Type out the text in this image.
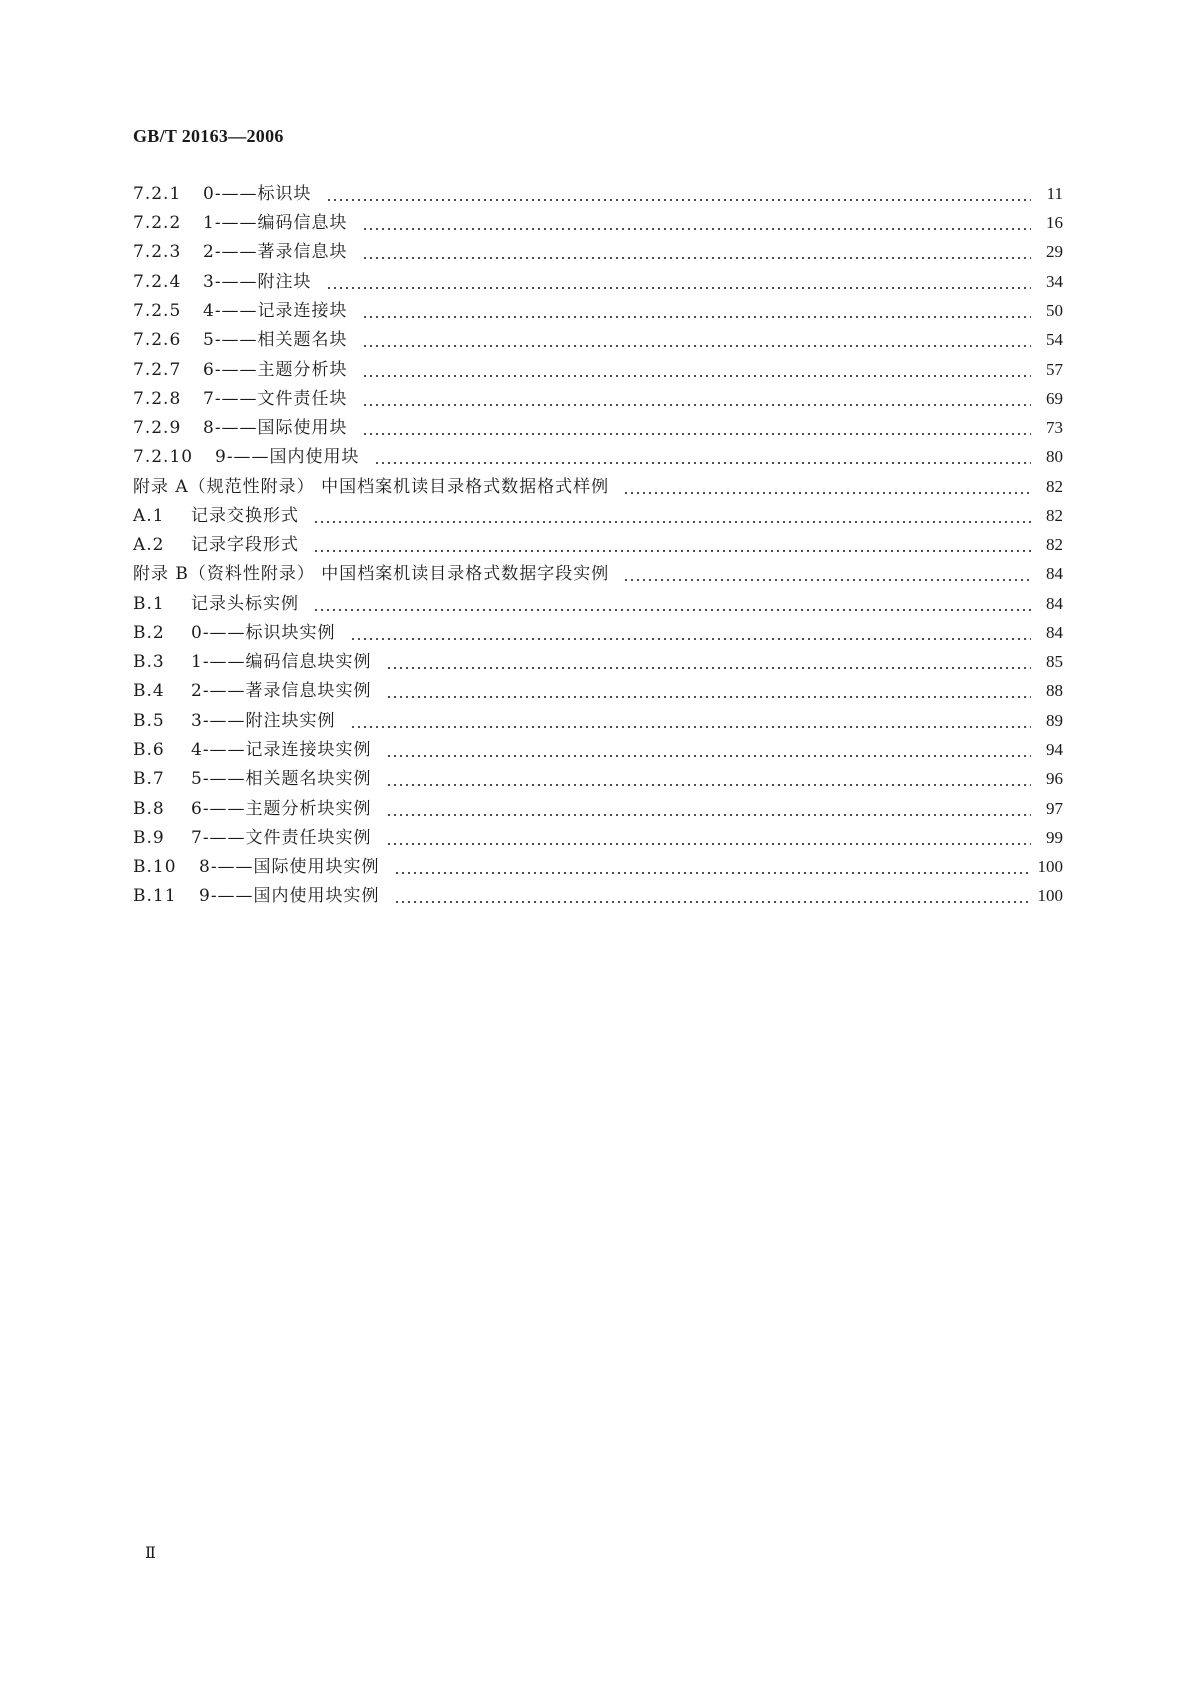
GB/T 20163—2006
7.2.1	0-——标识块	11
7.2.2	1-——编码信息块	16
7.2.3	2-——著录信息块	29
7.2.4	3-——附注块	34
7.2.5	4-——记录连接块	50
7.2.6	5-——相关题名块	54
7.2.7	6-——主题分析块	57
7.2.8	7-——文件责任块	69
7.2.9	8-——国际使用块	73
7.2.10	9-——国内使用块	80
附录 A（规范性附录） 中国档案机读目录格式数据格式样例	82
A.1	记录交换形式	82
A.2	记录字段形式	82
附录 B（资料性附录） 中国档案机读目录格式数据字段实例	84
B.1	记录头标实例	84
B.2	0-——标识块实例	84
B.3	1-——编码信息块实例	85
B.4	2-——著录信息块实例	88
B.5	3-——附注块实例	89
B.6	4-——记录连接块实例	94
B.7	5-——相关题名块实例	96
B.8	6-——主题分析块实例	97
B.9	7-——文件责任块实例	99
B.10	8-——国际使用块实例	100
B.11	9-——国内使用块实例	100
Ⅱ
